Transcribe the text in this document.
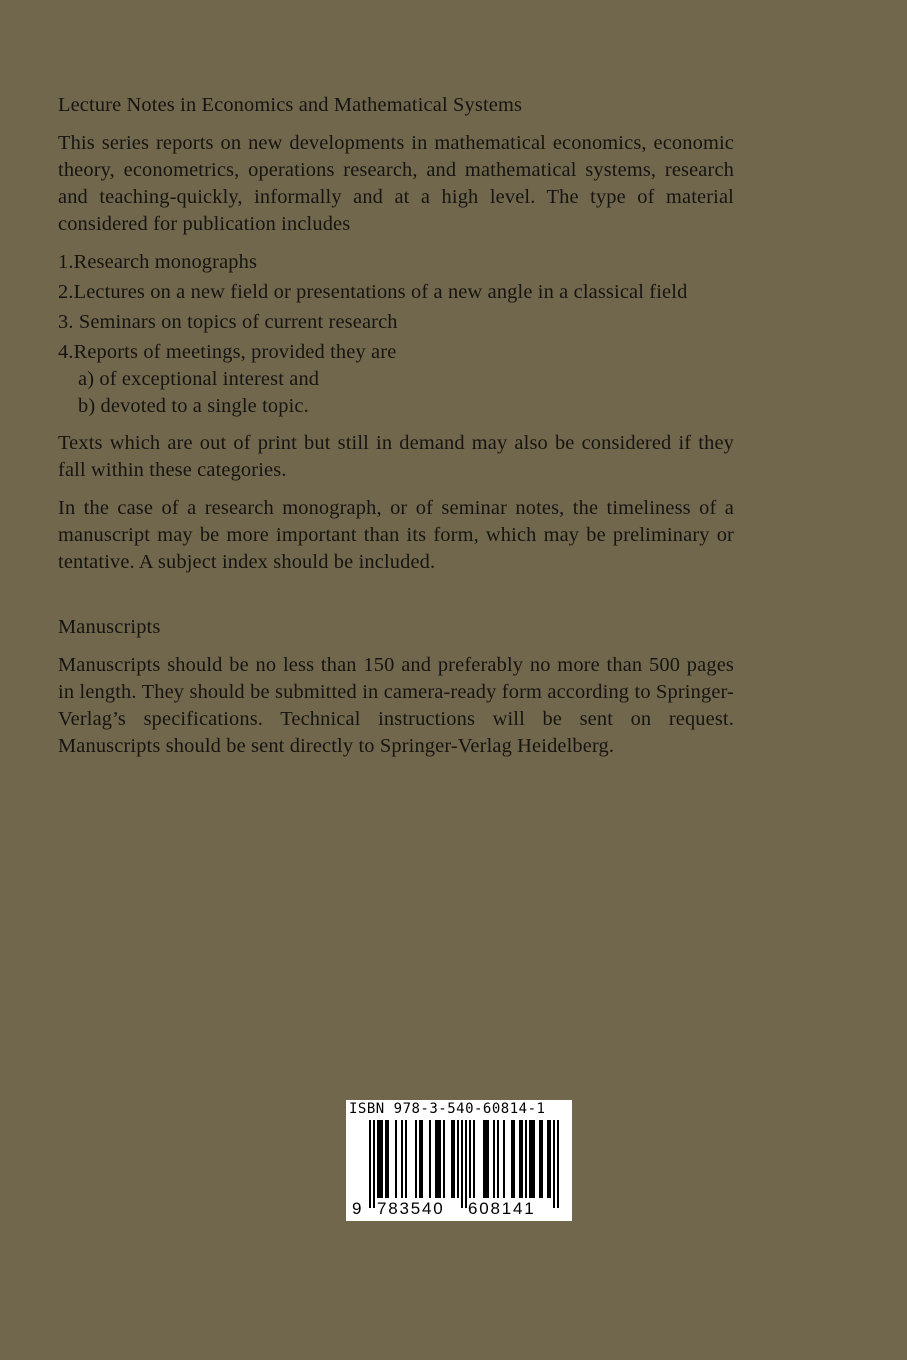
Lecture Notes in Economics and Mathematical Systems

This series reports on new developments in mathematical economics, economic theory, econometrics, operations research, and mathematical systems, research and teaching-quickly, informally and at a high level. The type of material considered for publication includes

1.Research monographs
2.Lectures on a new field or presentations of a new angle in a classical field
3. Seminars on topics of current research
4.Reports of meetings, provided they are
a) of exceptional interest and
b) devoted to a single topic.

Texts which are out of print but still in demand may also be considered if they fall within these categories.

In the case of a research monograph, or of seminar notes, the timeliness of a manuscript may be more important than its form, which may be preliminary or tentative. A subject index should be included.

Manuscripts

Manuscripts should be no less than 150 and preferably no more than 500 pages in length. They should be submitted in camera-ready form according to Springer-Verlag’s specifications. Technical instructions will be sent on request. Manuscripts should be sent directly to Springer-Verlag Heidelberg.

ISBN 978-3-540-60814-1
9 783540 608141
